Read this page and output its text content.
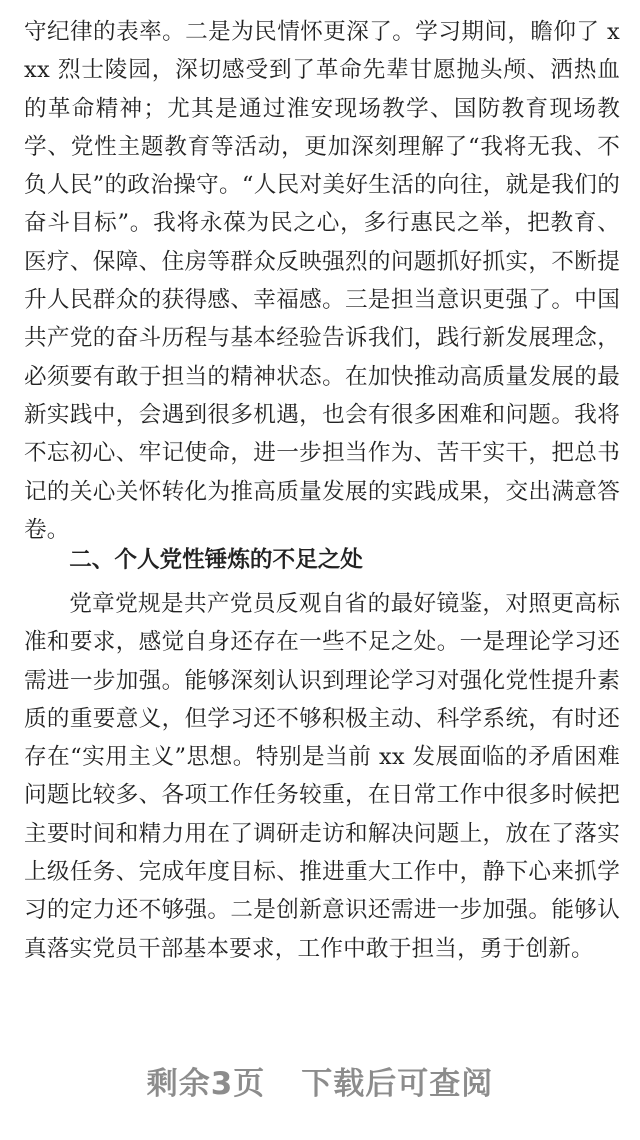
守纪律的表率。二是为民情怀更深了。学习期间，瞻仰了 xxx 烈士陵园，深切感受到了革命先辈甘愿抛头颅、洒热血的革命精神；尤其是通过淮安现场教学、国防教育现场教学、党性主题教育等活动，更加深刻理解了“我将无我、不负人民”的政治操守。“人民对美好生活的向往，就是我们的奋斗目标”。我将永葆为民之心，多行惠民之举，把教育、医疗、保障、住房等群众反映强烈的问题抓好抓实，不断提升人民群众的获得感、幸福感。三是担当意识更强了。中国共产党的奋斗历程与基本经验告诉我们，践行新发展理念，必须要有敢于担当的精神状态。在加快推动高质量发展的最新实践中，会遇到很多机遇，也会有很多困难和问题。我将不忘初心、牢记使命，进一步担当作为、苦干实干，把总书记的关心关怀转化为推高质量发展的实践成果，交出满意答卷。
二、个人党性锤炼的不足之处
党章党规是共产党员反观自省的最好镜鉴，对照更高标准和要求，感觉自身还存在一些不足之处。一是理论学习还需进一步加强。能够深刻认识到理论学习对强化党性提升素质的重要意义，但学习还不够积极主动、科学系统，有时还存在“实用主义”思想。特别是当前 xx 发展面临的矛盾困难问题比较多、各项工作任务较重，在日常工作中很多时候把主要时间和精力用在了调研走访和解决问题上，放在了落实上级任务、完成年度目标、推进重大工作中，静下心来抓学习的定力还不够强。二是创新意识还需进一步加强。能够认真落实党员干部基本要求，工作中敢于担当，勇于创新。
剩余3页 下载后可查阅
